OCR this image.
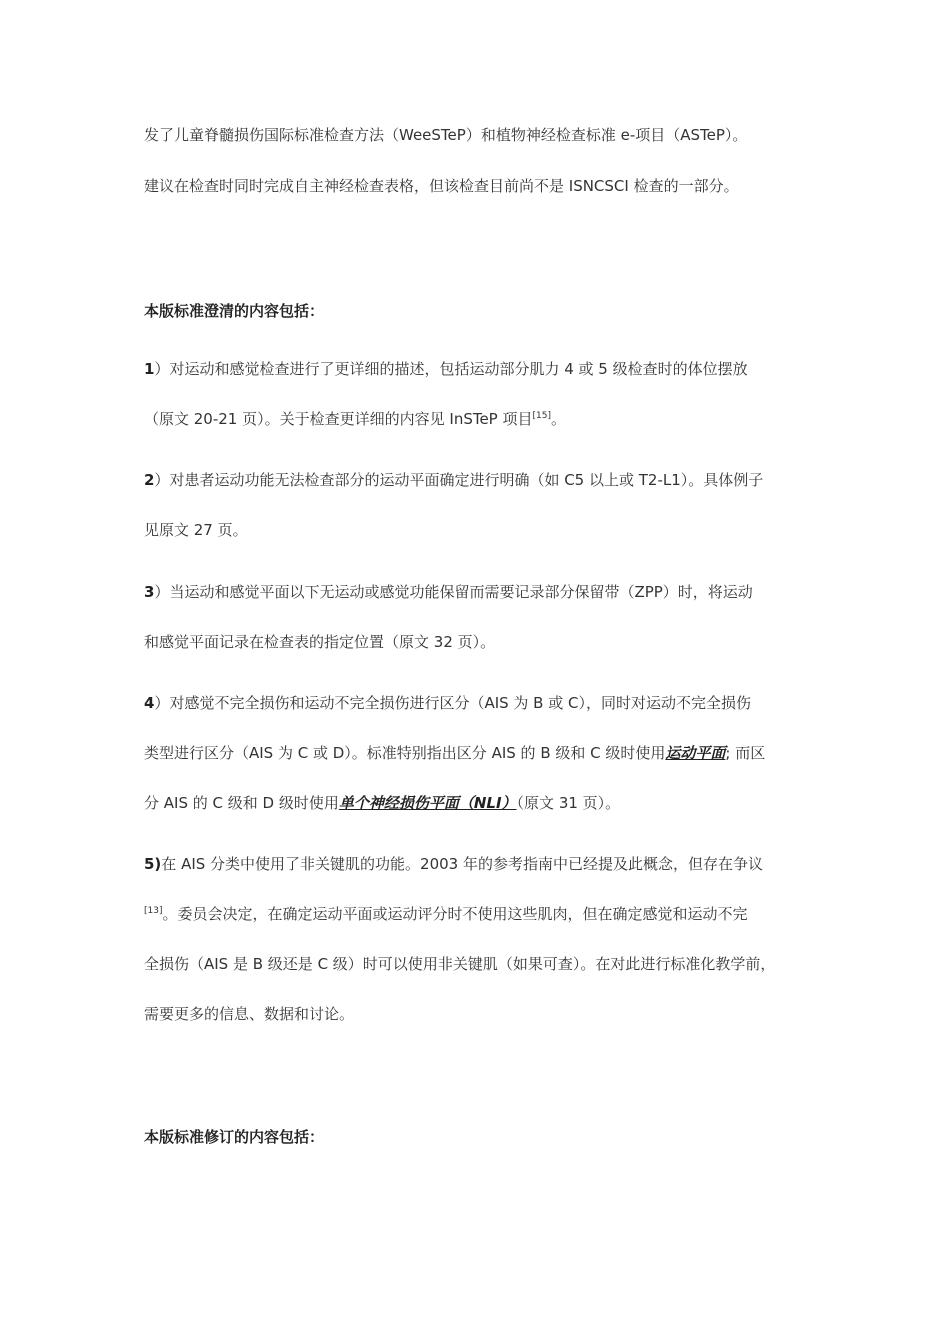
发了儿童脊髓损伤国际标准检查方法（WeeSTeP）和植物神经检查标准 e-项目（ASTeP）。
建议在检查时同时完成自主神经检查表格，但该检查目前尚不是 ISNCSCI 检查的一部分。
本版标准澄清的内容包括：
1）对运动和感觉检查进行了更详细的描述，包括运动部分肌力 4 或 5 级检查时的体位摆放
（原文 20-21 页）。关于检查更详细的内容见 InSTeP 项目[15]。
2）对患者运动功能无法检查部分的运动平面确定进行明确（如 C5 以上或 T2-L1）。具体例子
见原文 27 页。
3）当运动和感觉平面以下无运动或感觉功能保留而需要记录部分保留带（ZPP）时，将运动
和感觉平面记录在检查表的指定位置（原文 32 页）。
4）对感觉不完全损伤和运动不完全损伤进行区分（AIS 为 B 或 C），同时对运动不完全损伤
类型进行区分（AIS 为 C 或 D）。标准特别指出区分 AIS 的 B 级和 C 级时使用运动平面; 而区
分 AIS 的 C 级和 D 级时使用单个神经损伤平面（NLI）（原文 31 页）。
5)在 AIS 分类中使用了非关键肌的功能。2003 年的参考指南中已经提及此概念，但存在争议
[13]。委员会决定，在确定运动平面或运动评分时不使用这些肌肉，但在确定感觉和运动不完
全损伤（AIS 是 B 级还是 C 级）时可以使用非关键肌（如果可查）。在对此进行标准化教学前，
需要更多的信息、数据和讨论。
本版标准修订的内容包括：
